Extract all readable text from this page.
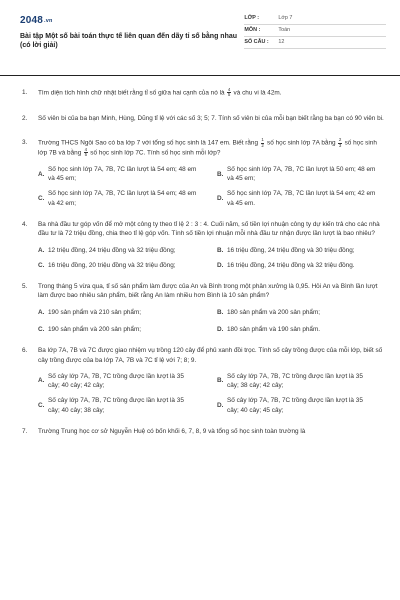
2048.vn
Bài tập Một số bài toán thực tế liên quan đến dãy tỉ số bằng nhau (có lời giải)
LỚP :	Lớp 7
MÔN :	Toán
SỐ CÂU :	12
1.	Tìm diện tích hình chữ nhật biết rằng tỉ số giữa hai cạnh của nó là $\frac{4}{5}$ và chu vi là 42m.
2.	Số viên bi của ba bạn Minh, Hùng, Dũng tỉ lệ với các số 3; 5; 7. Tính số viên bi của mỗi bạn biết rằng ba bạn có 90 viên bi.
3.	Trường THCS Ngôi Sao có ba lớp 7 với tổng số học sinh là 147 em. Biết rằng $\frac{1}{2}$ số học sinh lớp 7A bằng $\frac{2}{3}$ số học sinh lớp 7B và bằng $\frac{4}{5}$ số học sinh lớp 7C. Tính số học sinh mỗi lớp?
A.
Số học sinh lớp 7A, 7B, 7C lần lượt là 54 em; 48 em và 45 em;
B.
Số học sinh lớp 7A, 7B, 7C lần lượt là 50 em; 48 em và 45 em;
C.
Số học sinh lớp 7A, 7B, 7C lần lượt là 54 em; 48 em và 42 em;
D.
Số học sinh lớp 7A, 7B, 7C lần lượt là 54 em; 42 em và 45 em.
4.	Ba nhà đầu tư góp vốn để mở một công ty theo tỉ lệ 2 : 3 : 4. Cuối năm, số tiền lợi nhuận công ty dự kiến trả cho các nhà đầu tư là 72 triệu đồng, chia theo tỉ lệ góp vốn. Tính số tiền lợi nhuận mỗi nhà đầu tư nhận được lần lượt là bao nhiêu?
A. 12 triệu đồng, 24 triệu đồng và 32 triệu đồng;	B. 16 triệu đồng, 24 triệu đồng và 30 triệu đồng;
C. 16 triệu đồng, 20 triệu đồng và 32 triệu đồng;	D. 16 triệu đồng, 24 triệu đồng và 32 triệu đồng.
5.	Trong tháng 5 vừa qua, tỉ số sản phẩm làm được của An và Bình trong một phân xưởng là 0,95. Hỏi An và Bình lần lượt làm được bao nhiêu sản phẩm, biết rằng An làm nhiều hơn Bình là 10 sản phẩm?
A. 190 sản phẩm và 210 sản phẩm;	B. 180 sản phẩm và 200 sản phẩm;
C. 190 sản phẩm và 200 sản phẩm;	D. 180 sản phẩm và 190 sản phẩm.
6.	Ba lớp 7A, 7B và 7C được giao nhiệm vụ trồng 120 cây để phủ xanh đồi trọc. Tính số cây trồng được của mỗi lớp, biết số cây trồng được của ba lớp 7A, 7B và 7C tỉ lệ với 7; 8; 9.
A.
Số cây lớp 7A, 7B, 7C trồng được lần lượt là 35 cây; 40 cây; 42 cây;
B.
Số cây lớp 7A, 7B, 7C trồng được lần lượt là 35 cây; 38 cây; 42 cây;
C.
Số cây lớp 7A, 7B, 7C trồng được lần lượt là 35 cây; 40 cây; 38 cây;
D.
Số cây lớp 7A, 7B, 7C trồng được lần lượt là 35 cây; 40 cây; 45 cây;
7.	Trường Trung học cơ sở Nguyễn Huệ có bốn khối 6, 7, 8, 9 và tổng số học sinh toàn trường là
